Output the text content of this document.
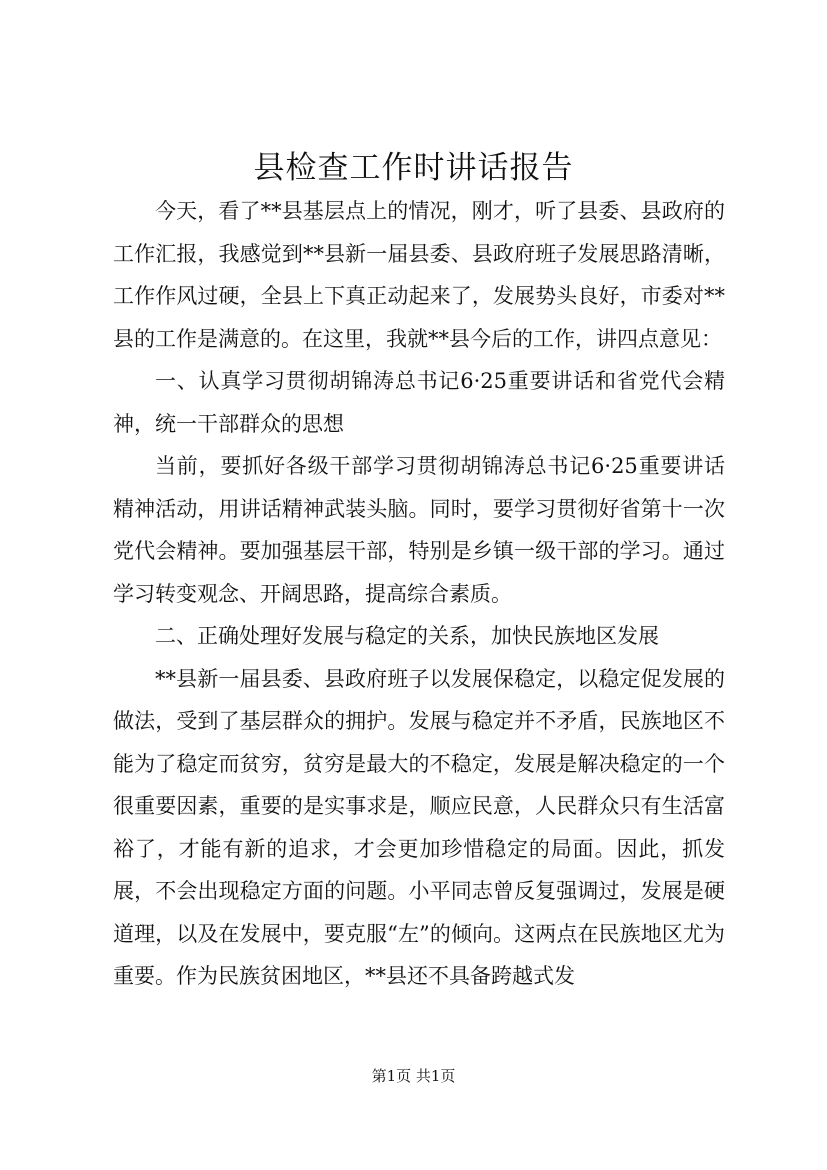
县检查工作时讲话报告

今天，看了**县基层点上的情况，刚才，听了县委、县政府的工作汇报，我感觉到**县新一届县委、县政府班子发展思路清晰，工作作风过硬，全县上下真正动起来了，发展势头良好，市委对**县的工作是满意的。在这里，我就**县今后的工作，讲四点意见：

一、认真学习贯彻胡锦涛总书记6·25重要讲话和省党代会精神，统一干部群众的思想

当前，要抓好各级干部学习贯彻胡锦涛总书记6·25重要讲话精神活动，用讲话精神武装头脑。同时，要学习贯彻好省第十一次党代会精神。要加强基层干部，特别是乡镇一级干部的学习。通过学习转变观念、开阔思路，提高综合素质。

二、正确处理好发展与稳定的关系，加快民族地区发展

**县新一届县委、县政府班子以发展保稳定，以稳定促发展的做法，受到了基层群众的拥护。发展与稳定并不矛盾，民族地区不能为了稳定而贫穷，贫穷是最大的不稳定，发展是解决稳定的一个很重要因素，重要的是实事求是，顺应民意，人民群众只有生活富裕了，才能有新的追求，才会更加珍惜稳定的局面。因此，抓发展，不会出现稳定方面的问题。小平同志曾反复强调过，发展是硬道理，以及在发展中，要克服“左”的倾向。这两点在民族地区尤为重要。作为民族贫困地区，**县还不具备跨越式发

第1页 共1页
